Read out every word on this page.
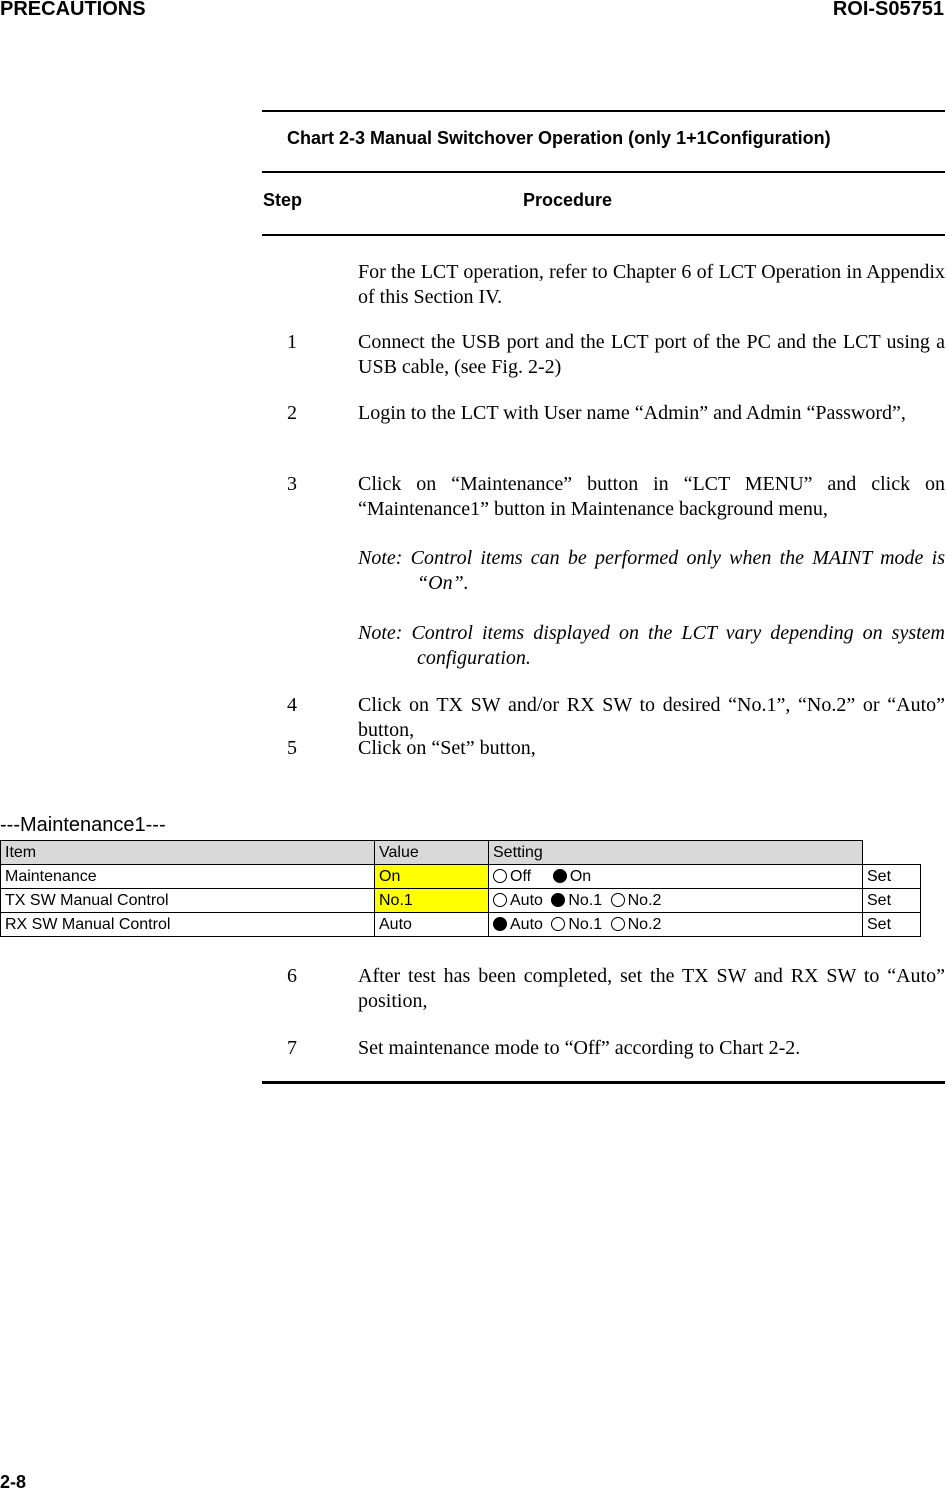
PRECAUTIONS	ROI-S05751
Chart 2-3 Manual Switchover Operation (only 1+1Configuration)
Step	Procedure
For the LCT operation, refer to Chapter 6 of LCT Operation in Appendix of this Section IV.
1	Connect the USB port and the LCT port of the PC and the LCT using a USB cable, (see Fig. 2-2)
2	Login to the LCT with User name “Admin” and Admin “Password”,
3	Click on “Maintenance” button in “LCT MENU” and click on “Maintenance1” button in Maintenance background menu,
Note: Control items can be performed only when the MAINT mode is “On”.
Note: Control items displayed on the LCT vary depending on system configuration.
4	Click on TX SW and/or RX SW to desired “No.1”, “No.2” or “Auto” button,
5	Click on “Set” button,
---Maintenance1---
Item	Value	Setting	
Maintenance	On	Off On	Set
TX SW Manual Control	No.1	Auto No.1 No.2	Set
RX SW Manual Control	Auto	Auto No.1 No.2	Set
6	After test has been completed, set the TX SW and RX SW to “Auto” position,
7	Set maintenance mode to “Off” according to Chart 2-2.
2-8
